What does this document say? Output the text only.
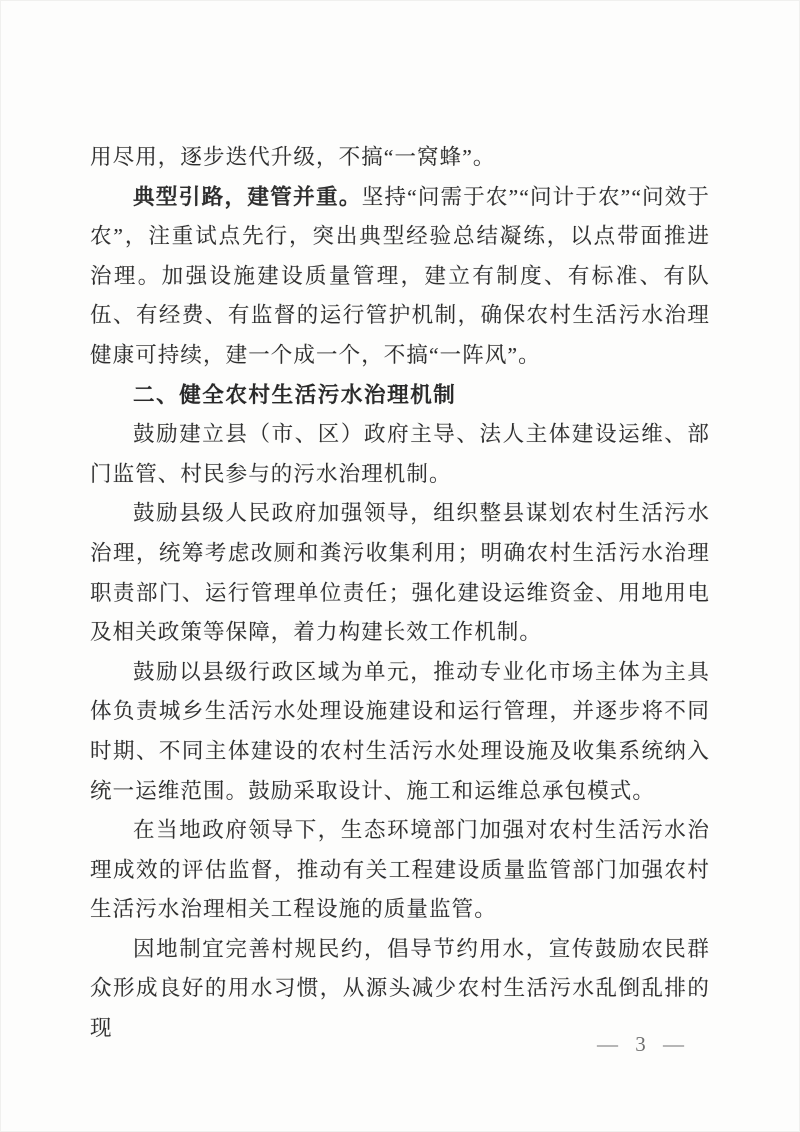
用尽用，逐步迭代升级，不搞“一窝蜂”。

典型引路，建管并重。坚持“问需于农”“问计于农”“问效于农”，注重试点先行，突出典型经验总结凝练，以点带面推进治理。加强设施建设质量管理，建立有制度、有标准、有队伍、有经费、有监督的运行管护机制，确保农村生活污水治理健康可持续，建一个成一个，不搞“一阵风”。

二、健全农村生活污水治理机制

鼓励建立县（市、区）政府主导、法人主体建设运维、部门监管、村民参与的污水治理机制。

鼓励县级人民政府加强领导，组织整县谋划农村生活污水治理，统筹考虑改厕和粪污收集利用；明确农村生活污水治理职责部门、运行管理单位责任；强化建设运维资金、用地用电及相关政策等保障，着力构建长效工作机制。

鼓励以县级行政区域为单元，推动专业化市场主体为主具体负责城乡生活污水处理设施建设和运行管理，并逐步将不同时期、不同主体建设的农村生活污水处理设施及收集系统纳入统一运维范围。鼓励采取设计、施工和运维总承包模式。

在当地政府领导下，生态环境部门加强对农村生活污水治理成效的评估监督，推动有关工程建设质量监管部门加强农村生活污水治理相关工程设施的质量监管。

因地制宜完善村规民约，倡导节约用水，宣传鼓励农民群众形成良好的用水习惯，从源头减少农村生活污水乱倒乱排的现

— 3 —
